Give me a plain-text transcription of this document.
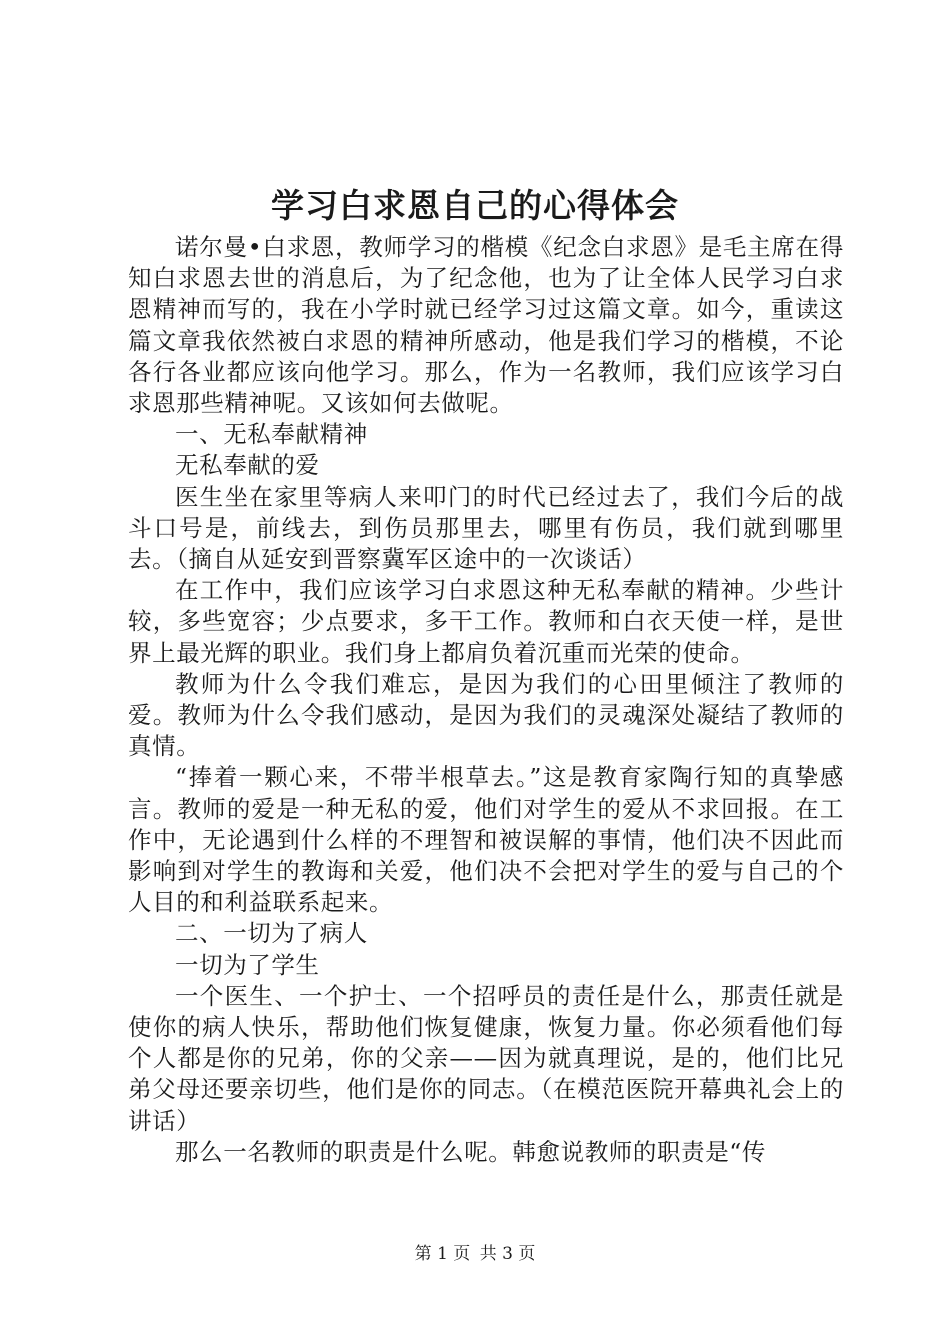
学习白求恩自己的心得体会

诺尔曼•白求恩，教师学习的楷模《纪念白求恩》是毛主席在得知白求恩去世的消息后，为了纪念他，也为了让全体人民学习白求恩精神而写的，我在小学时就已经学习过这篇文章。如今，重读这篇文章我依然被白求恩的精神所感动，他是我们学习的楷模，不论各行各业都应该向他学习。那么，作为一名教师，我们应该学习白求恩那些精神呢。又该如何去做呢。

一、无私奉献精神

无私奉献的爱

医生坐在家里等病人来叩门的时代已经过去了，我们今后的战斗口号是，前线去，到伤员那里去，哪里有伤员，我们就到哪里去。（摘自从延安到晋察冀军区途中的一次谈话）

在工作中，我们应该学习白求恩这种无私奉献的精神。少些计较，多些宽容；少点要求，多干工作。教师和白衣天使一样，是世界上最光辉的职业。我们身上都肩负着沉重而光荣的使命。

教师为什么令我们难忘，是因为我们的心田里倾注了教师的爱。教师为什么令我们感动，是因为我们的灵魂深处凝结了教师的真情。

“捧着一颗心来，不带半根草去。”这是教育家陶行知的真挚感言。教师的爱是一种无私的爱，他们对学生的爱从不求回报。在工作中，无论遇到什么样的不理智和被误解的事情，他们决不因此而影响到对学生的教诲和关爱，他们决不会把对学生的爱与自己的个人目的和利益联系起来。

二、一切为了病人

一切为了学生

一个医生、一个护士、一个招呼员的责任是什么，那责任就是使你的病人快乐，帮助他们恢复健康，恢复力量。你必须看他们每个人都是你的兄弟，你的父亲——因为就真理说，是的，他们比兄弟父母还要亲切些，他们是你的同志。（在模范医院开幕典礼会上的讲话）

那么一名教师的职责是什么呢。韩愈说教师的职责是“传

第 1 页 共 3 页
